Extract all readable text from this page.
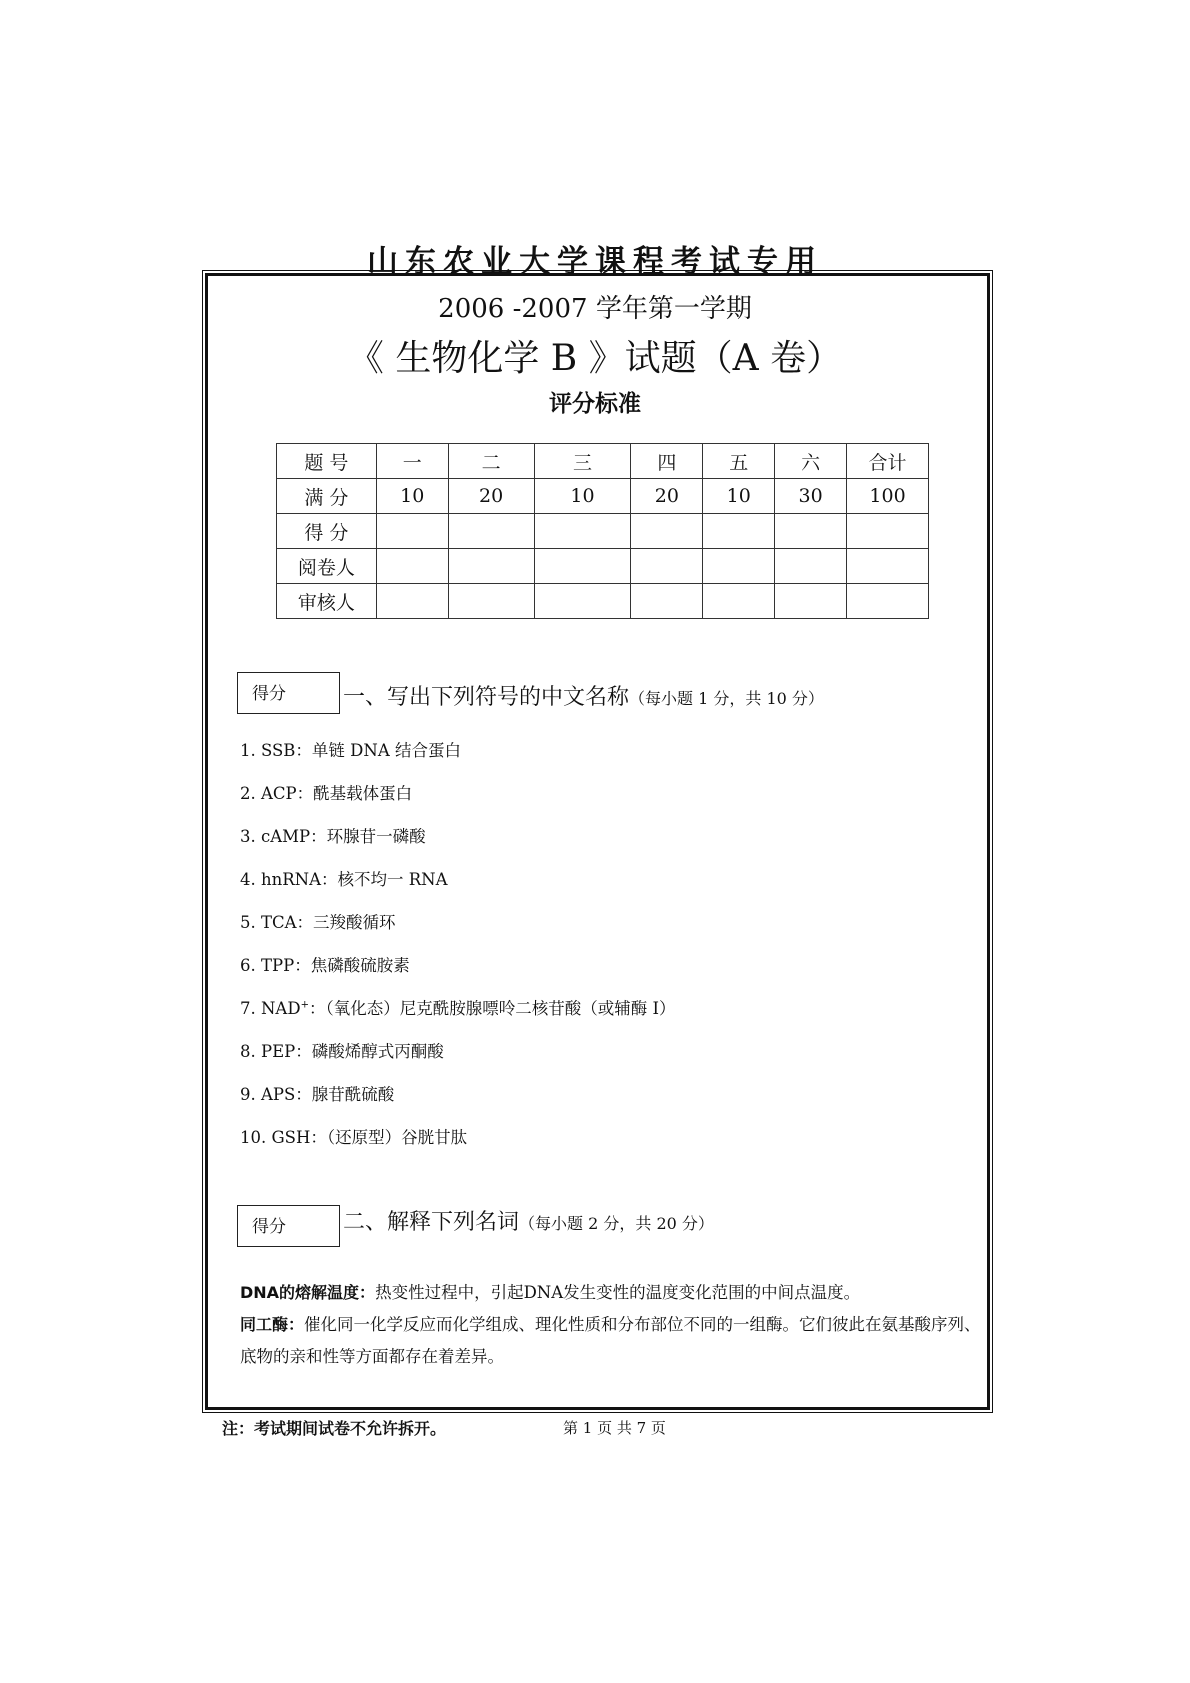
山东农业大学课程考试专用
2006 -2007 学年第一学期
《 生物化学 B 》试题（A 卷）
评分标准
题 号	一	二	三	四	五	六	合计
满 分	10	20	10	20	10	30	100
得 分							
阅卷人							
审核人							
得分	一、写出下列符号的中文名称（每小题 1 分，共 10 分）
1. SSB：单链 DNA 结合蛋白
2. ACP：酰基载体蛋白
3. cAMP：环腺苷一磷酸
4. hnRNA：核不均一 RNA
5. TCA：三羧酸循环
6. TPP：焦磷酸硫胺素
7. NAD+：（氧化态）尼克酰胺腺嘌呤二核苷酸（或辅酶 I）
8. PEP：磷酸烯醇式丙酮酸
9. APS：腺苷酰硫酸
10. GSH：（还原型）谷胱甘肽
得分	二、解释下列名词（每小题 2 分，共 20 分）
DNA的熔解温度：热变性过程中，引起DNA发生变性的温度变化范围的中间点温度。
同工酶：催化同一化学反应而化学组成、理化性质和分布部位不同的一组酶。它们彼此在氨基酸序列、底物的亲和性等方面都存在着差异。
注：考试期间试卷不允许拆开。	第 1 页 共 7 页
